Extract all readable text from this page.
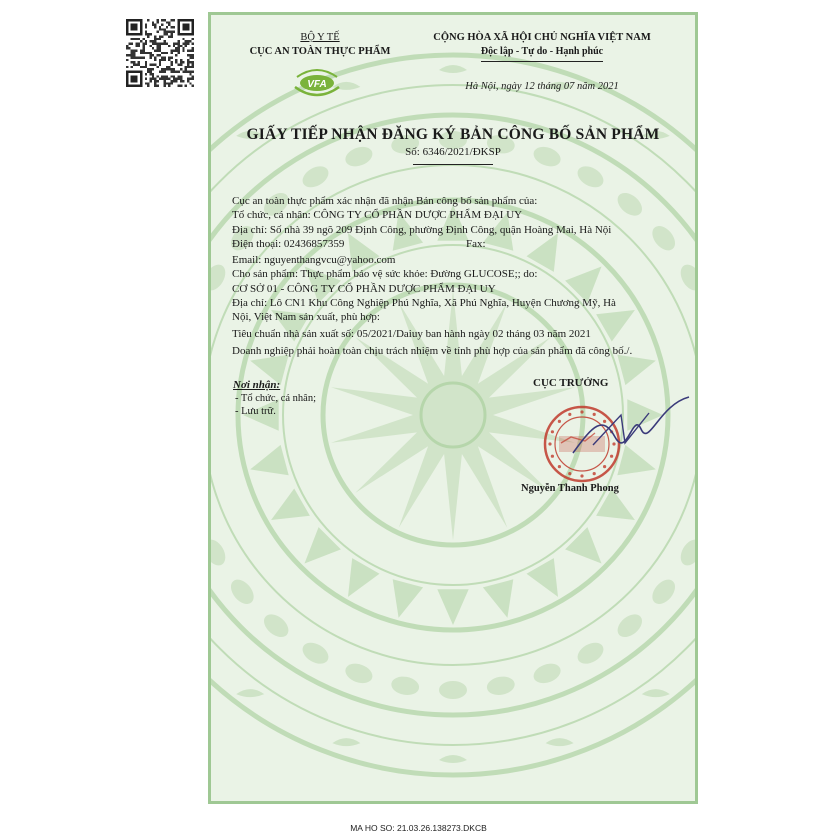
BỘ Y TẾ
CỤC AN TOÀN THỰC PHẨM
VFA
CỘNG HÒA XÃ HỘI CHỦ NGHĨA VIỆT NAM
Độc lập - Tự do - Hạnh phúc
Hà Nội, ngày 12 tháng 07 năm 2021
GIẤY TIẾP NHẬN ĐĂNG KÝ BẢN CÔNG BỐ SẢN PHẨM
Số: 6346/2021/ĐKSP
Cục an toàn thực phẩm xác nhận đã nhận Bản công bố sản phẩm của:
Tổ chức, cá nhân: CÔNG TY CỔ PHẦN DƯỢC PHẨM ĐẠI UY
Địa chỉ: Số nhà 39 ngõ 209 Định Công, phường Định Công, quận Hoàng Mai, Hà Nội
Điện thoại: 02436857359	Fax:
Email: nguyenthangvcu@yahoo.com
Cho sản phẩm: Thực phẩm bảo vệ sức khỏe: Đường GLUCOSE;; do:
CƠ SỞ 01 - CÔNG TY CỔ PHẦN DƯỢC PHẨM ĐẠI UY
Địa chỉ: Lô CN1 Khu Công Nghiệp Phú Nghĩa, Xã Phú Nghĩa, Huyện Chương Mỹ, Hà
Nội, Việt Nam sản xuất, phù hợp:
Tiêu chuẩn nhà sản xuất số: 05/2021/Daiuy ban hành ngày 02 tháng 03 năm 2021
Doanh nghiệp phải hoàn toàn chịu trách nhiệm về tính phù hợp của sản phẩm đã công bố./.
Nơi nhận:
- Tổ chức, cá nhân;
- Lưu trữ.
CỤC TRƯỞNG
Nguyễn Thanh Phong
MA HO SO: 21.03.26.138273.DKCB
